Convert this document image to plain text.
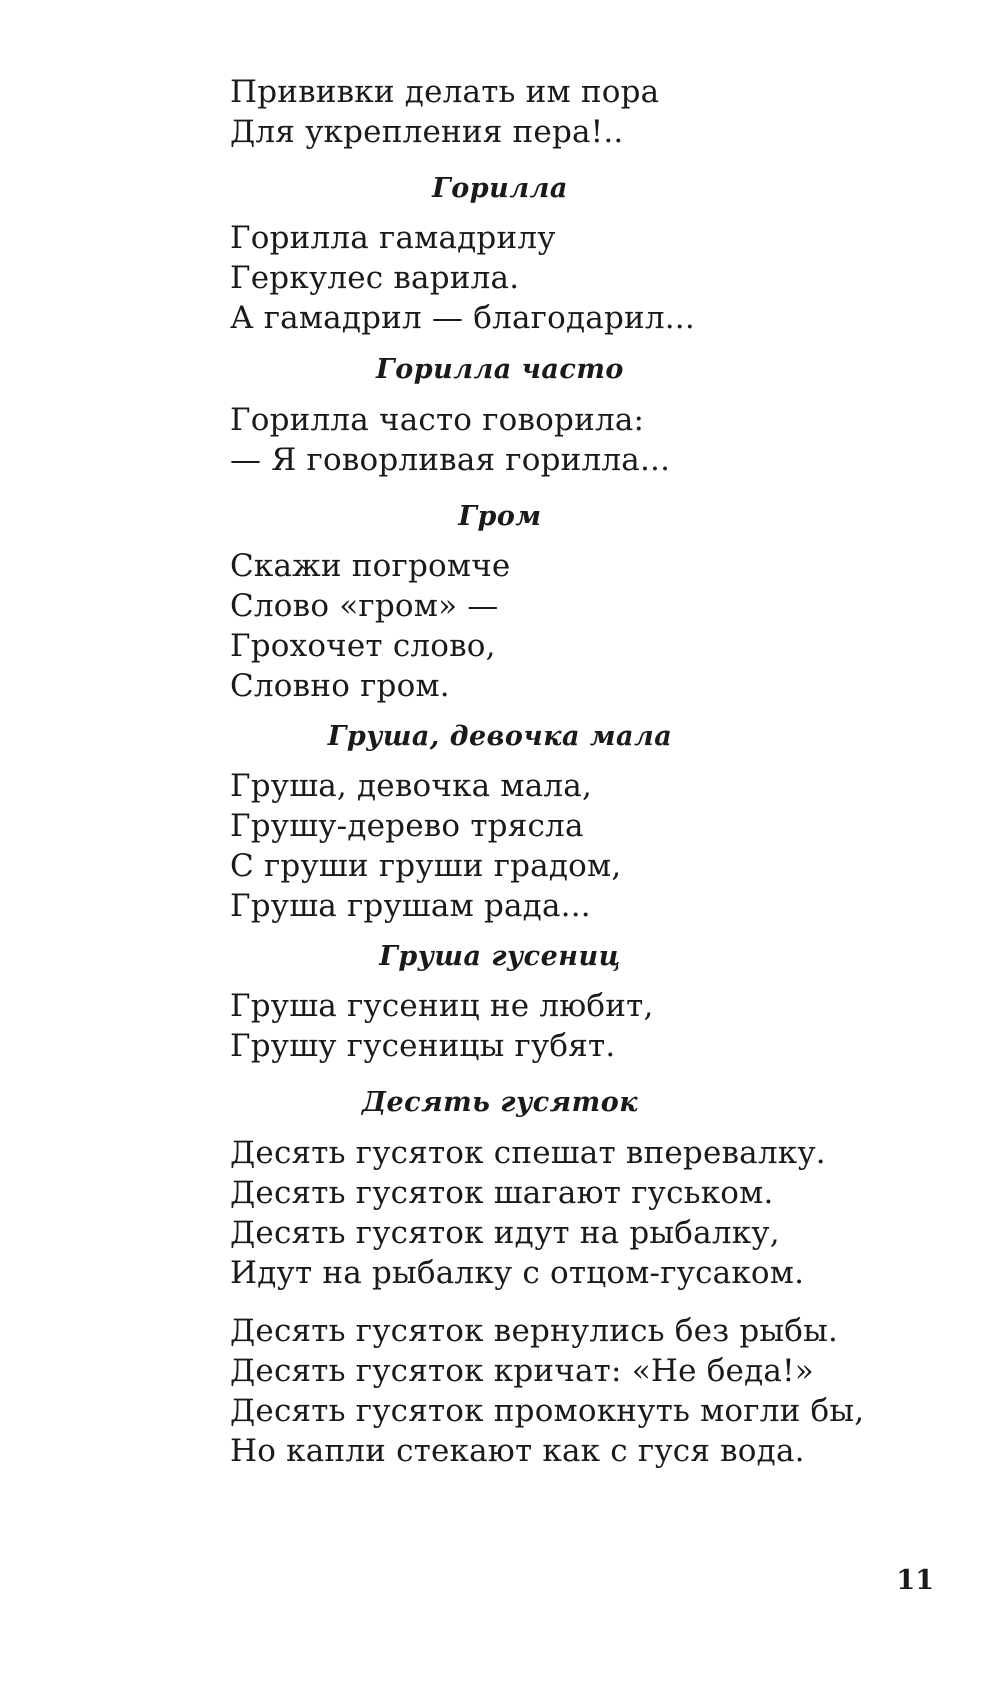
Прививки делать им пора
Для укрепления пера!..
Горилла
Горилла гамадрилу
Геркулес варила.
А гамадрил — благодарил...
Горилла часто
Горилла часто говорила:
— Я говорливая горилла...
Гром
Скажи погромче
Слово «гром» —
Грохочет слово,
Словно гром.
Груша, девочка мала
Груша, девочка мала,
Грушу-дерево трясла
С груши груши градом,
Груша грушам рада...
Груша гусениц
Груша гусениц не любит,
Грушу гусеницы губят.
Десять гусяток
Десять гусяток спешат вперевалку.
Десять гусяток шагают гуськом.
Десять гусяток идут на рыбалку,
Идут на рыбалку с отцом-гусаком.
Десять гусяток вернулись без рыбы.
Десять гусяток кричат: «Не беда!»
Десять гусяток промокнуть могли бы,
Но капли стекают как с гуся вода.
11
